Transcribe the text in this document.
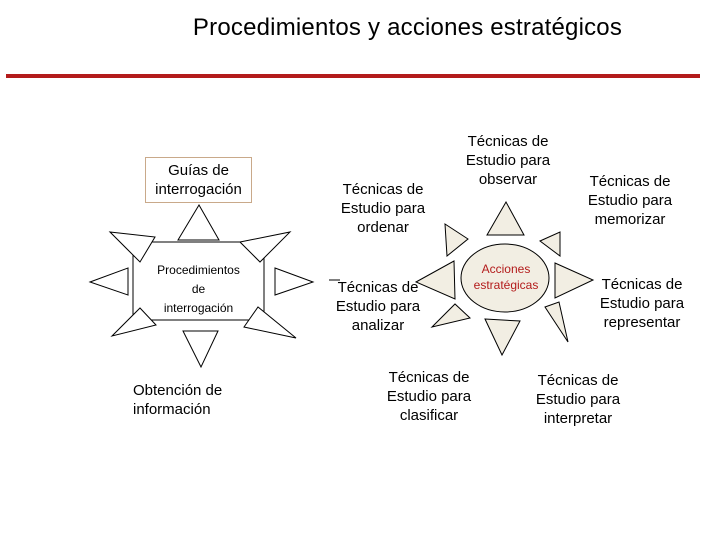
Procedimientos y acciones estratégicos
Guías de
interrogación
Procedimientos
de
interrogación
Obtención de
información
Acciones
estratégicas
Técnicas de
Estudio para
observar
Técnicas de
Estudio para
ordenar
Técnicas de
Estudio para
memorizar
Técnicas de
Estudio para
analizar
Técnicas de
Estudio para
representar
Técnicas de
Estudio para
clasificar
Técnicas de
Estudio para
interpretar
